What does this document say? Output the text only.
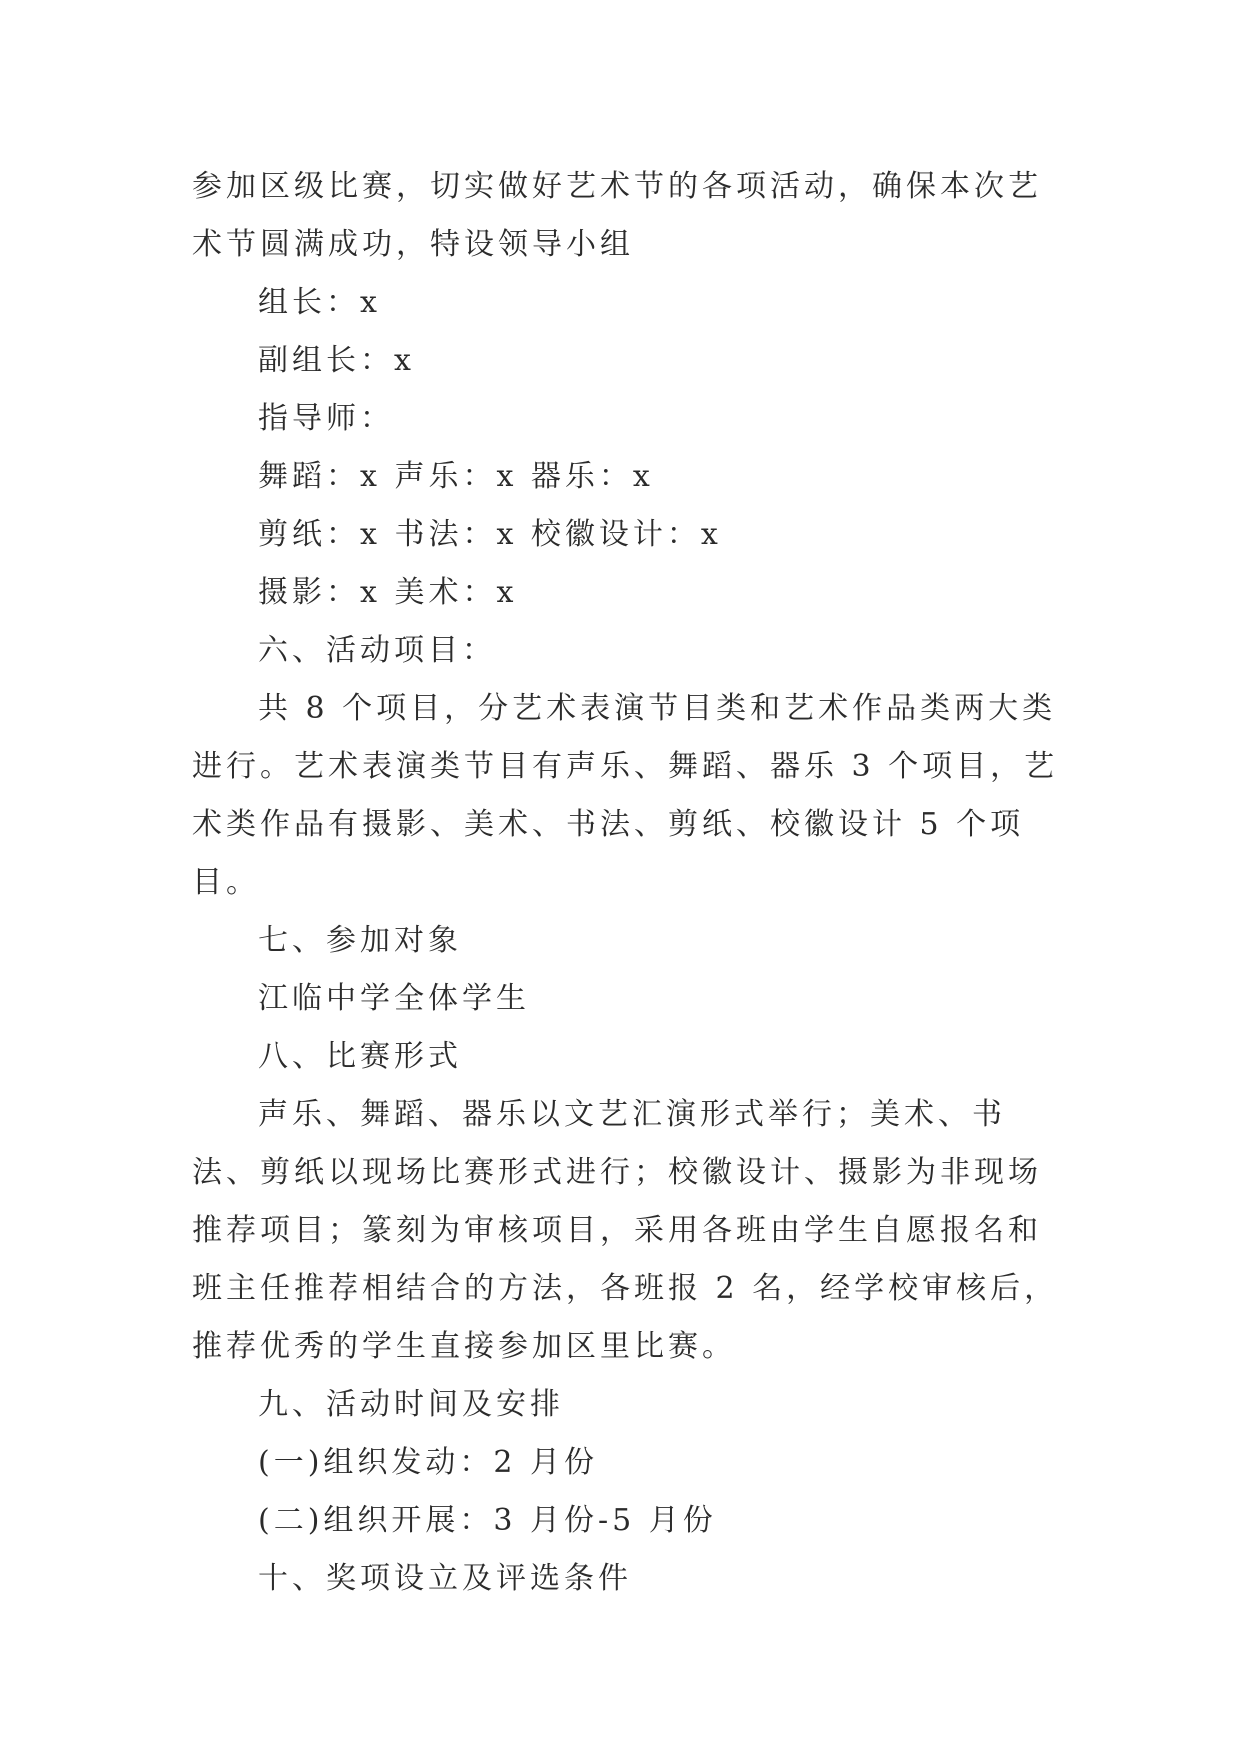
参加区级比赛，切实做好艺术节的各项活动，确保本次艺术节圆满成功，特设领导小组

组长：x

副组长：x

指导师：

舞蹈：x 声乐：x 器乐：x

剪纸：x 书法：x 校徽设计：x

摄影：x 美术：x

六、活动项目：

共 8 个项目，分艺术表演节目类和艺术作品类两大类进行。艺术表演类节目有声乐、舞蹈、器乐 3 个项目，艺术类作品有摄影、美术、书法、剪纸、校徽设计 5 个项目。

七、参加对象

江临中学全体学生

八、比赛形式

声乐、舞蹈、器乐以文艺汇演形式举行；美术、书法、剪纸以现场比赛形式进行；校徽设计、摄影为非现场推荐项目；篆刻为审核项目，采用各班由学生自愿报名和班主任推荐相结合的方法，各班报 2 名，经学校审核后，推荐优秀的学生直接参加区里比赛。

九、活动时间及安排

(一)组织发动：2 月份

(二)组织开展：3 月份-5 月份

十、奖项设立及评选条件
